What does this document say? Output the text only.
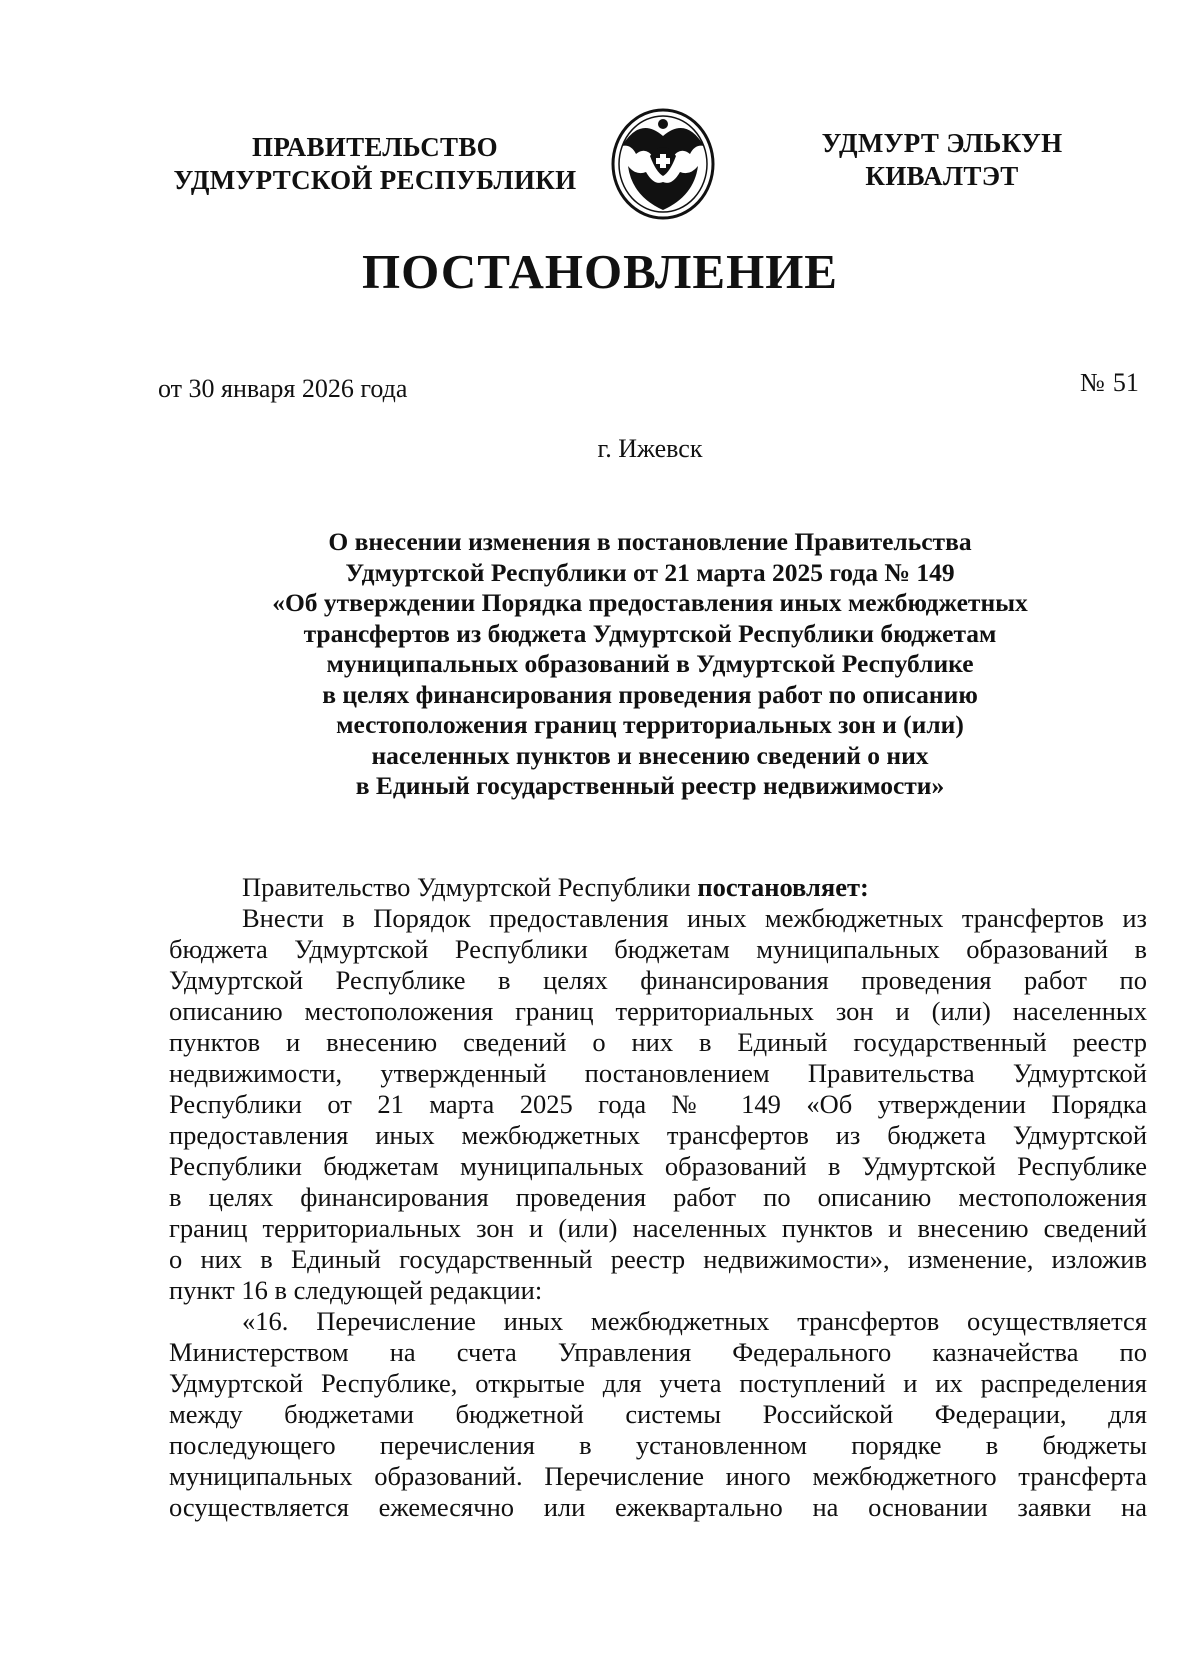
ПРАВИТЕЛЬСТВО
УДМУРТСКОЙ РЕСПУБЛИКИ
УДМУРТ ЭЛЬКУН
КИВАЛТЭТ
ПОСТАНОВЛЕНИЕ
от 30 января 2026 года	№ 51
г. Ижевск
О внесении изменения в постановление Правительства
Удмуртской Республики от 21 марта 2025 года № 149
«Об утверждении Порядка предоставления иных межбюджетных
трансфертов из бюджета Удмуртской Республики бюджетам
муниципальных образований в Удмуртской Республике
в целях финансирования проведения работ по описанию
местоположения границ территориальных зон и (или)
населенных пунктов и внесению сведений о них
в Единый государственный реестр недвижимости»

Правительство Удмуртской Республики постановляет:

Внести в Порядок предоставления иных межбюджетных трансфертов из
бюджета Удмуртской Республики бюджетам муниципальных образований в
Удмуртской Республике в целях финансирования проведения работ по
описанию местоположения границ территориальных зон и (или) населенных
пунктов и внесению сведений о них в Единый государственный реестр
недвижимости, утвержденный постановлением Правительства Удмуртской
Республики от 21 марта 2025 года № 149 «Об утверждении Порядка
предоставления иных межбюджетных трансфертов из бюджета Удмуртской
Республики бюджетам муниципальных образований в Удмуртской Республике
в целях финансирования проведения работ по описанию местоположения
границ территориальных зон и (или) населенных пунктов и внесению сведений
о них в Единый государственный реестр недвижимости», изменение, изложив
пункт 16 в следующей редакции:

«16. Перечисление иных межбюджетных трансфертов осуществляется
Министерством на счета Управления Федерального казначейства по
Удмуртской Республике, открытые для учета поступлений и их распределения
между бюджетами бюджетной системы Российской Федерации, для
последующего перечисления в установленном порядке в бюджеты
муниципальных образований. Перечисление иного межбюджетного трансферта
осуществляется ежемесячно или ежеквартально на основании заявки на
